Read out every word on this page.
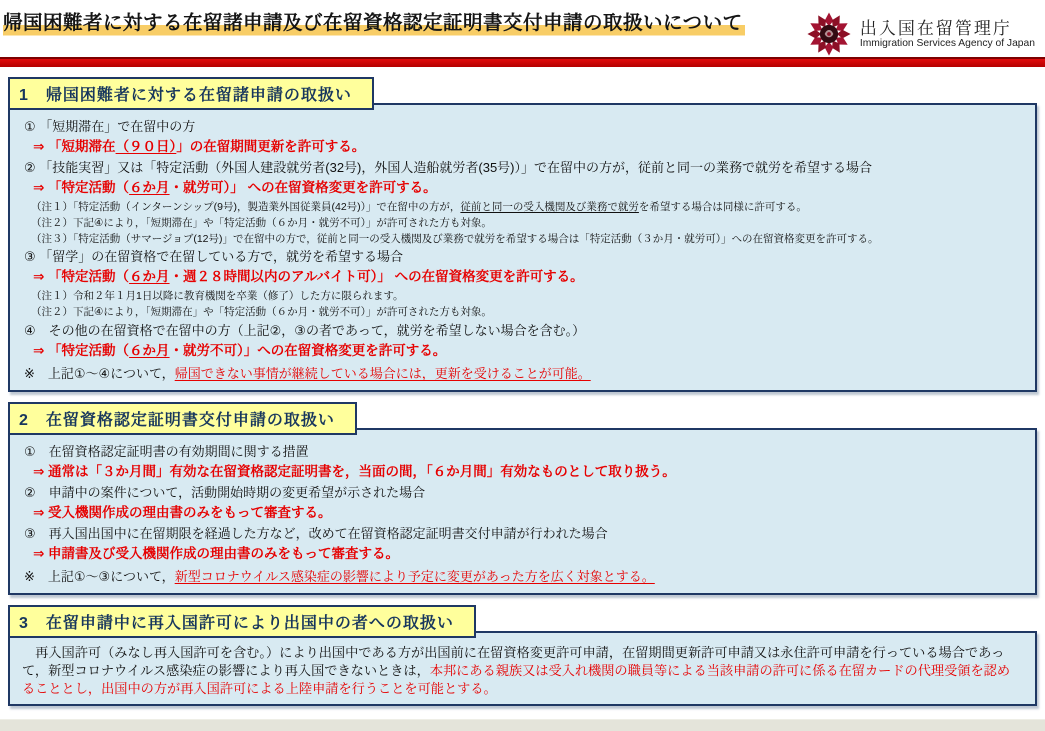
帰国困難者に対する在留諸申請及び在留資格認定証明書交付申請の取扱いについて	出入国在留管理庁
Immigration Services Agency of Japan
1　帰国困難者に対する在留諸申請の取扱い
① 「短期滞在」で在留中の方
⇒ 「短期滞在（９０日）」の在留期間更新を許可する。
② 「技能実習」又は「特定活動（外国人建設就労者(32号)，外国人造船就労者(35号)）」で在留中の方が，従前と同一の業務で就労を希望する場合
⇒ 「特定活動（６か月・就労可）」 への在留資格変更を許可する。
（注１）「特定活動（インターンシップ(9号)，製造業外国従業員(42号)）」で在留中の方が，従前と同一の受入機関及び業務で就労を希望する場合は同様に許可する。
（注２）下記④により，「短期滞在」や「特定活動（６か月・就労不可）」が許可された方も対象。
（注３）「特定活動（サマージョブ(12号)」で在留中の方で，従前と同一の受入機関及び業務で就労を希望する場合は「特定活動（３か月・就労可）」への在留資格変更を許可する。
③ 「留学」の在留資格で在留している方で，就労を希望する場合
⇒ 「特定活動（６か月・週２８時間以内のアルバイト可）」 への在留資格変更を許可する。
（注１）令和２年１月1日以降に教育機関を卒業（修了）した方に限られます。
（注２）下記④により，「短期滞在」や「特定活動（６か月・就労不可）」が許可された方も対象。
④　その他の在留資格で在留中の方（上記②，③の者であって，就労を希望しない場合を含む。）
⇒ 「特定活動（６か月・就労不可）」への在留資格変更を許可する。
※　上記①～④について，帰国できない事情が継続している場合には，更新を受けることが可能。
2　在留資格認定証明書交付申請の取扱い
①　在留資格認定証明書の有効期間に関する措置
⇒ 通常は「３か月間」有効な在留資格認定証明書を，当面の間，「６か月間」有効なものとして取り扱う。
②　申請中の案件について，活動開始時期の変更希望が示された場合
⇒ 受入機関作成の理由書のみをもって審査する。
③　再入国出国中に在留期限を経過した方など，改めて在留資格認定証明書交付申請が行われた場合
⇒ 申請書及び受入機関作成の理由書のみをもって審査する。
※　上記①～③について，新型コロナウイルス感染症の影響により予定に変更があった方を広く対象とする。
3　在留申請中に再入国許可により出国中の者への取扱い
　再入国許可（みなし再入国許可を含む。）により出国中である方が出国前に在留資格変更許可申請，在留期間更新許可申請又は永住許可申請を行っている場合であって，新型コロナウイルス感染症の影響により再入国できないときは，本邦にある親族又は受入れ機関の職員等による当該申請の許可に係る在留カードの代理受領を認めることとし，出国中の方が再入国許可による上陸申請を行うことを可能とする。
